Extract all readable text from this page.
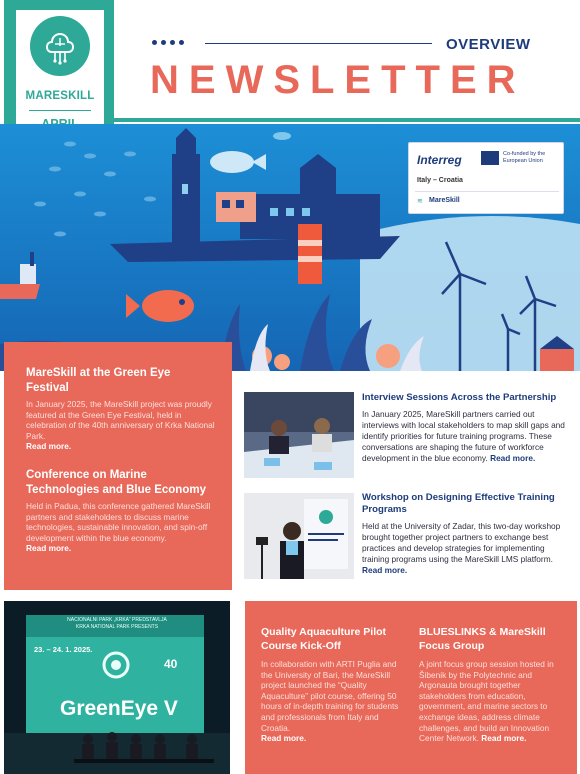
MARESKILL
OVERVIEW
NEWSLETTER
Interreg	Co-funded by the European Union
Italy – Croatia
≋ MareSkill
MareSkill at the Green Eye Festival
In January 2025, the MareSkill project was proudly featured at the Green Eye Festival, held in celebration of the 40th anniversary of Krka National Park.
Read more.
Conference on Marine Technologies and Blue Economy
Held in Padua, this conference gathered MareSkill partners and stakeholders to discuss marine technologies, sustainable innovation, and spin-off development within the blue economy.
Read more.
Interview Sessions Across the Partnership
In January 2025, MareSkill partners carried out interviews with local stakeholders to map skill gaps and identify priorities for future training programs. These conversations are shaping the future of workforce development in the blue economy. Read more.
Workshop on Designing Effective Training Programs
Held at the University of Zadar, this two-day workshop brought together project partners to exchange best practices and develop strategies for implementing training programs using the MareSkill LMS platform. Read more.
NACIONALNI PARK „KRKA” PREDSTAVLJA
KRKA NATIONAL PARK PRESENTS
23. – 24. 1. 2025.
40
GreenEye V
Quality Aquaculture Pilot Course Kick-Off
In collaboration with ARTI Puglia and the University of Bari, the MareSkill project launched the “Quality Aquaculture” pilot course, offering 50 hours of in-depth training for students and professionals from Italy and Croatia.
Read more.
BLUESLINKS & MareSkill Focus Group
A joint focus group session hosted in Šibenik by the Polytechnic and Argonauta brought together stakeholders from education, government, and marine sectors to exchange ideas, address climate challenges, and build an Innovation Center Network. Read more.
